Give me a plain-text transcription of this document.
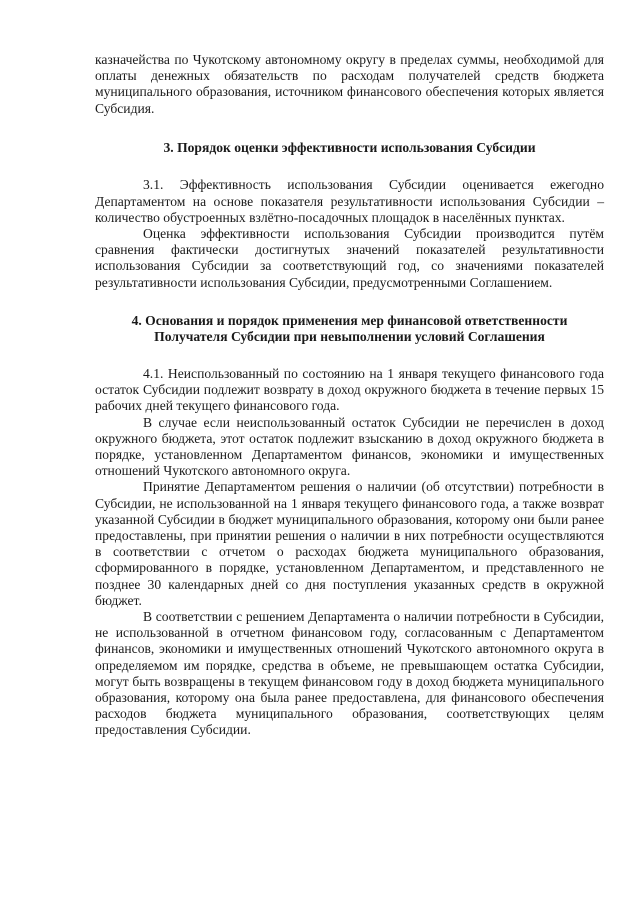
казначейства по Чукотскому автономному округу в пределах суммы, необходимой для оплаты денежных обязательств по расходам получателей средств бюджета муниципального образования, источником финансового обеспечения которых является Субсидия.

3. Порядок оценки эффективности использования Субсидии

3.1. Эффективность использования Субсидии оценивается ежегодно Департаментом на основе показателя результативности использования Субсидии – количество обустроенных взлётно-посадочных площадок в населённых пунктах.

Оценка эффективности использования Субсидии производится путём сравнения фактически достигнутых значений показателей результативности использования Субсидии за соответствующий год, со значениями показателей результативности использования Субсидии, предусмотренными Соглашением.

4. Основания и порядок применения мер финансовой ответственности
Получателя Субсидии при невыполнении условий Соглашения

4.1. Неиспользованный по состоянию на 1 января текущего финансового года остаток Субсидии подлежит возврату в доход окружного бюджета в течение первых 15 рабочих дней текущего финансового года.

В случае если неиспользованный остаток Субсидии не перечислен в доход окружного бюджета, этот остаток подлежит взысканию в доход окружного бюджета в порядке, установленном Департаментом финансов, экономики и имущественных отношений Чукотского автономного округа.

Принятие Департаментом решения о наличии (об отсутствии) потребности в Субсидии, не использованной на 1 января текущего финансового года, а также возврат указанной Субсидии в бюджет муниципального образования, которому они были ранее предоставлены, при принятии решения о наличии в них потребности осуществляются в соответствии с отчетом о расходах бюджета муниципального образования, сформированного в порядке, установленном Департаментом, и представленного не позднее 30 календарных дней со дня поступления указанных средств в окружной бюджет.

В соответствии с решением Департамента о наличии потребности в Субсидии, не использованной в отчетном финансовом году, согласованным с Департаментом финансов, экономики и имущественных отношений Чукотского автономного округа в определяемом им порядке, средства в объеме, не превышающем остатка Субсидии, могут быть возвращены в текущем финансовом году в доход бюджета муниципального образования, которому она была ранее предоставлена, для финансового обеспечения расходов бюджета муниципального образования, соответствующих целям предоставления Субсидии.
